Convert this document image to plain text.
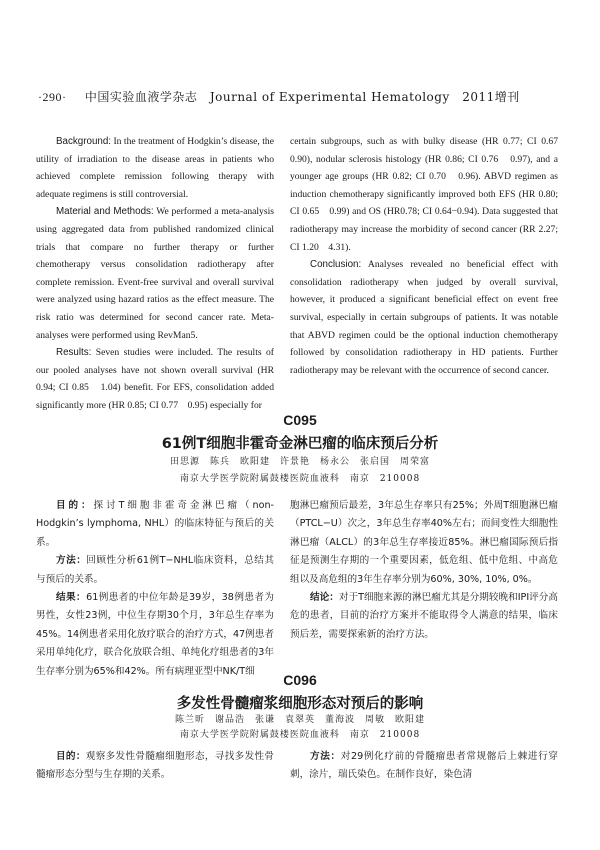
·290· 中国实验血液学杂志　Journal of Experimental Hematology　2011增刊

Background: In the treatment of Hodgkin’s disease, the utility of irradiation to the disease areas in patients who achieved complete remission following therapy with adequate regimens is still controversial.

Material and Methods: We performed a meta-analysis using aggregated data from published randomized clinical trials that compare no further therapy or further chemotherapy versus consolidation radiotherapy after complete remission. Event-free survival and overall survival were analyzed using hazard ratios as the effect measure. The risk ratio was determined for second cancer rate. Meta-analyses were performed using RevMan5.

Results: Seven studies were included. The results of our pooled analyses have not shown overall survival (HR 0.94; CI 0.85　1.04) benefit. For EFS, consolidation added significantly more (HR 0.85; CI 0.77　0.95) especially for

certain subgroups, such as with bulky disease (HR 0.77; CI 0.67　0.90), nodular sclerosis histology (HR 0.86; CI 0.76　0.97), and a younger age groups (HR 0.82; CI 0.70　0.96). ABVD regimen as induction chemotherapy significantly improved both EFS (HR 0.80; CI 0.65　0.99) and OS (HR0.78; CI 0.64−0.94). Data suggested that radiotherapy may increase the morbidity of second cancer (RR 2.27; CI 1.20　4.31).

Conclusion: Analyses revealed no beneficial effect with consolidation radiotherapy when judged by overall survival, however, it produced a significant beneficial effect on event free survival, especially in certain subgroups of patients. It was notable that ABVD regimen could be the optional induction chemotherapy followed by consolidation radiotherapy in HD patients. Further radiotherapy may be relevant with the occurrence of second cancer.

C095
61例T细胞非霍奇金淋巴瘤的临床预后分析
田思源　陈兵　欧阳建　许景艳　杨永公　张启国　周荣富
南京大学医学院附属鼓楼医院血液科　南京　210008

目的：探讨T细胞非霍奇金淋巴瘤（non-Hodgkin’s lymphoma, NHL）的临床特征与预后的关系。

方法：回顾性分析61例T−NHL临床资料，总结其与预后的关系。

结果：61例患者的中位年龄是39岁，38例患者为男性，女性23例，中位生存期30个月，3年总生存率为45%。14例患者采用化放疗联合的治疗方式，47例患者采用单纯化疗，联合化放联合组、单纯化疗组患者的3年生存率分别为65%和42%。所有病理亚型中NK/T细

胞淋巴瘤预后最差，3年总生存率只有25%；外周T细胞淋巴瘤（PTCL−U）次之，3年总生存率40%左右；而间变性大细胞性淋巴瘤（ALCL）的3年总生存率接近85%。淋巴瘤国际预后指征是预测生存期的一个重要因素，低危组、低中危组、中高危组以及高危组的3年生存率分别为60%, 30%, 10%, 0%。

结论：对于T细胞来源的淋巴瘤尤其是分期较晚和IPI评分高危的患者，目前的治疗方案并不能取得令人满意的结果，临床预后差，需要探索新的治疗方法。

C096
多发性骨髓瘤浆细胞形态对预后的影响
陈兰昕　谢品浩　张谦　袁翠英　董海波　周敏　欧阳建
南京大学医学院附属鼓楼医院血液科　南京　210008

目的：观察多发性骨髓瘤细胞形态，寻找多发性骨髓瘤形态分型与生存期的关系。

方法：对29例化疗前的骨髓瘤患者常规髂后上棘进行穿刺，涂片，瑞氏染色。在制作良好，染色清
